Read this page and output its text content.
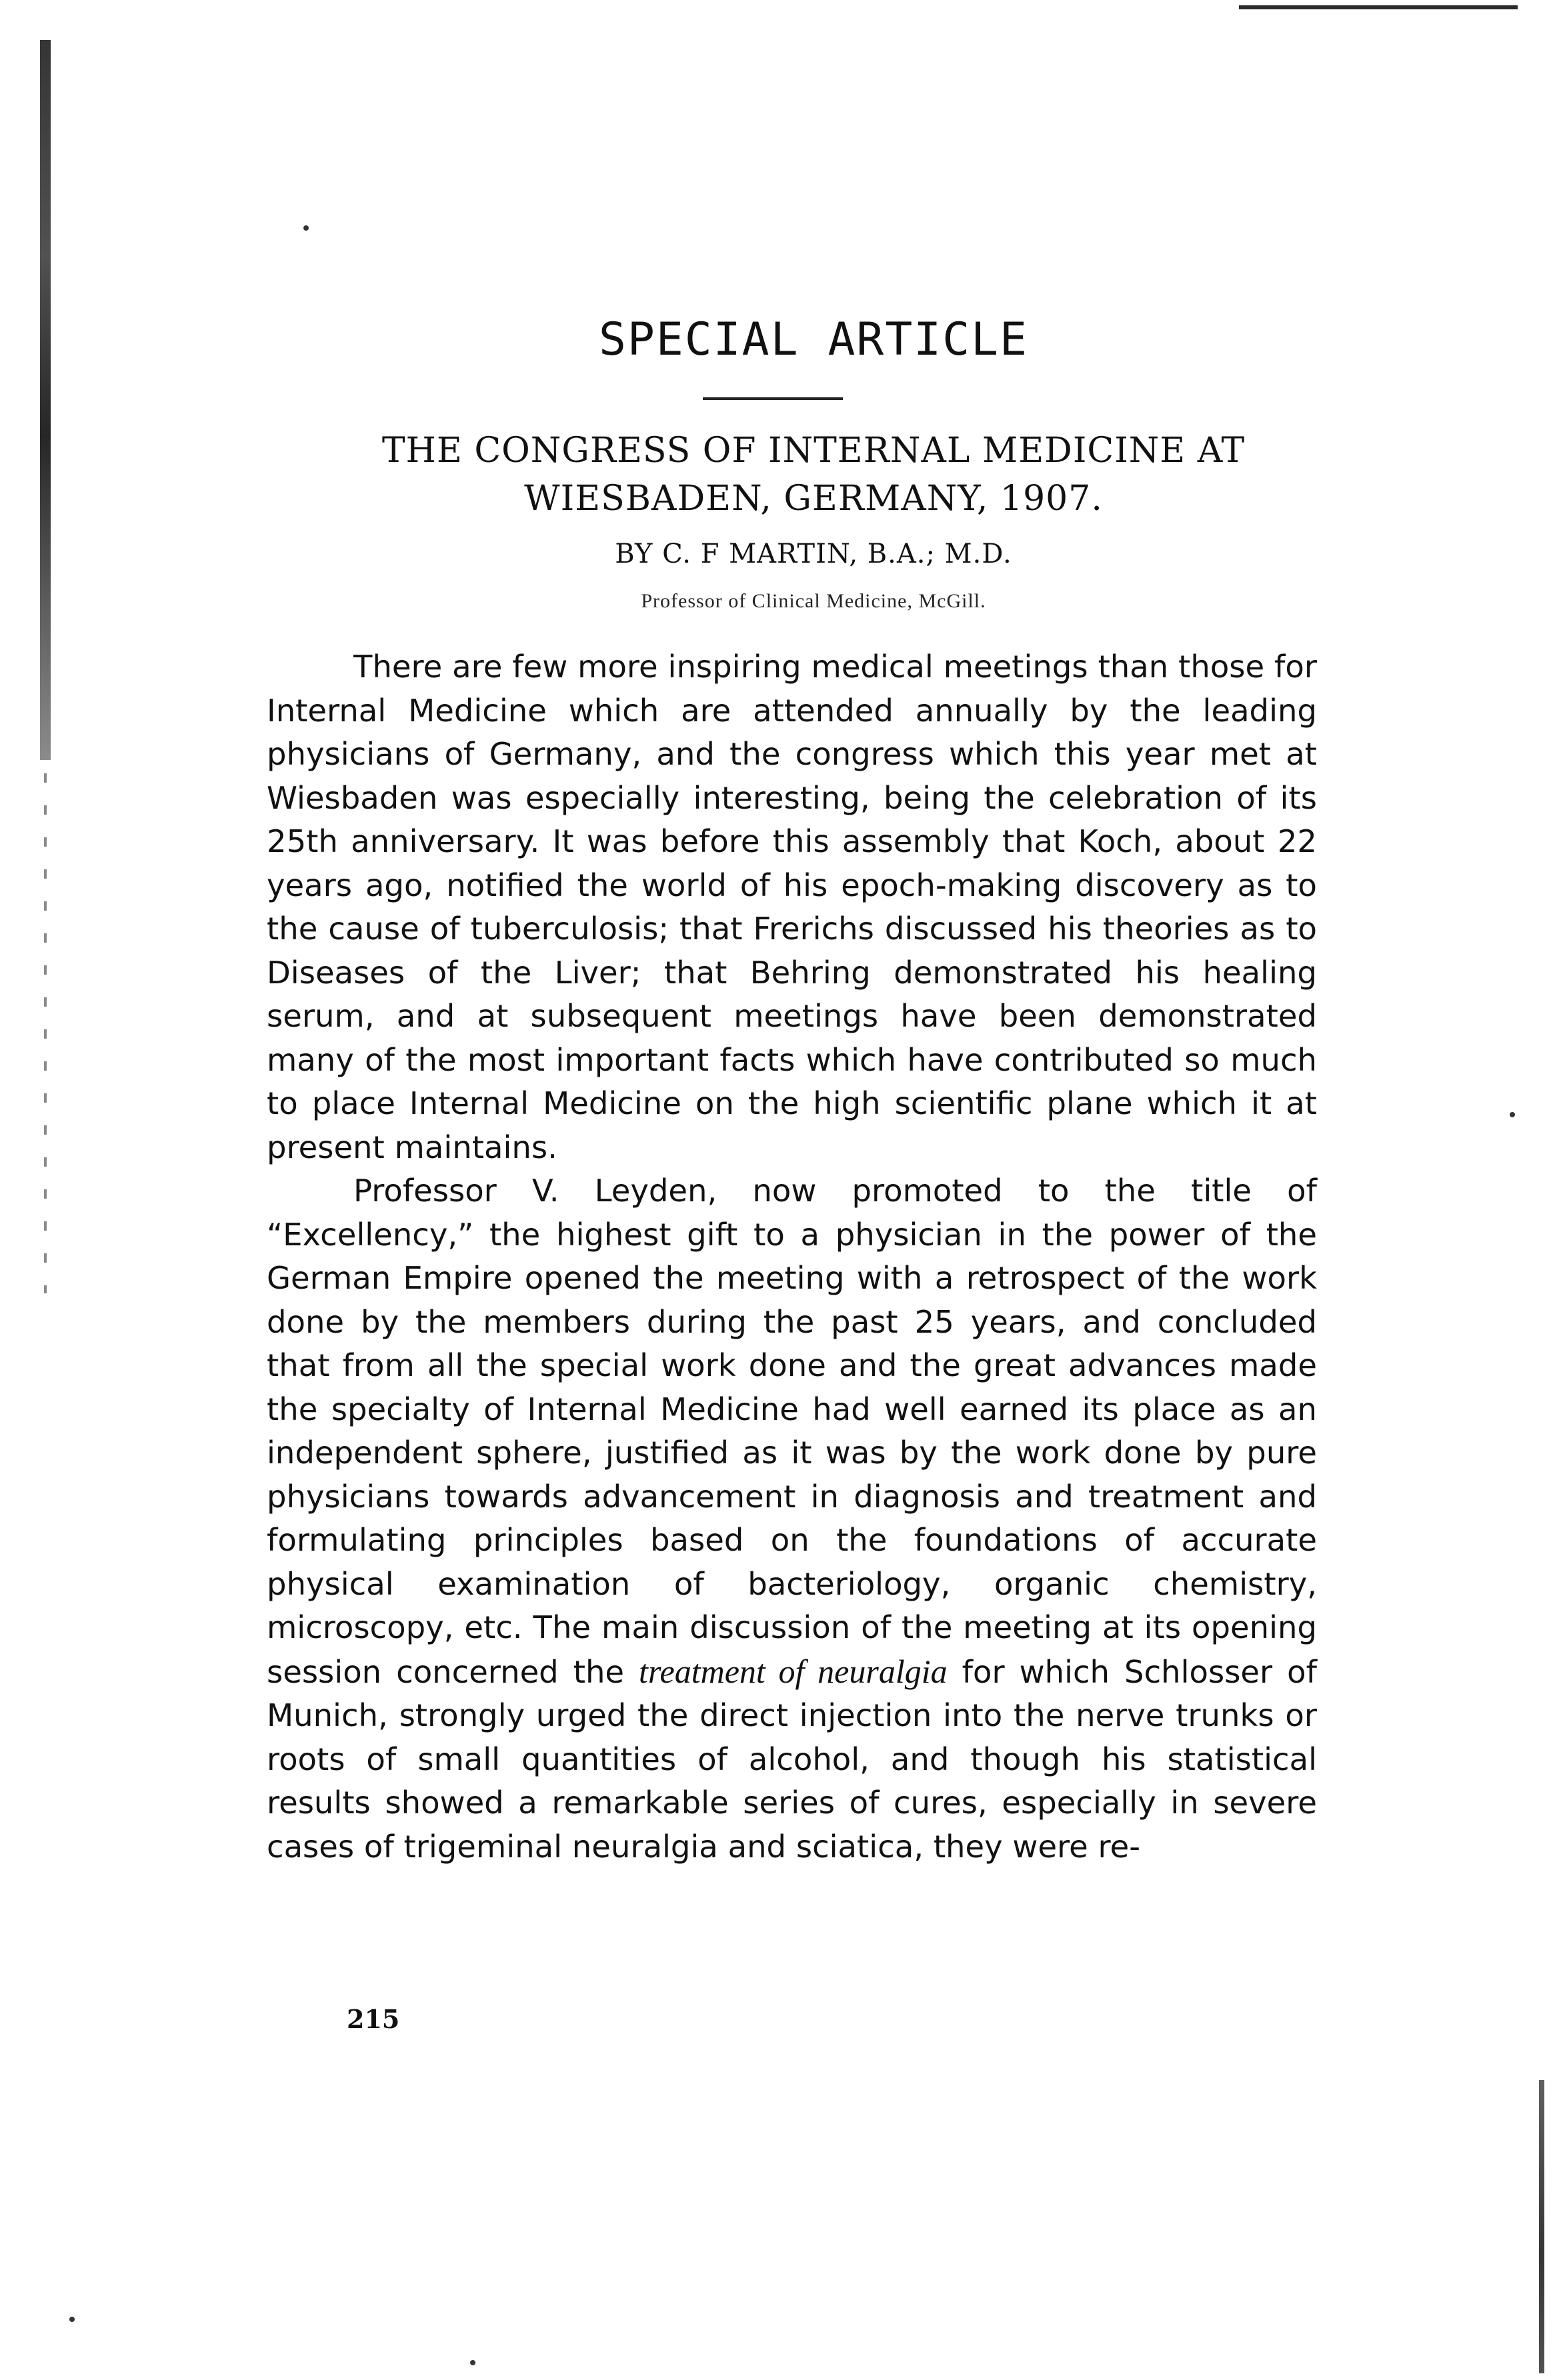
SPECIAL ARTICLE
THE CONGRESS OF INTERNAL MEDICINE AT
WIESBADEN, GERMANY, 1907.
BY C. F MARTIN, B.A.; M.D.
Professor of Clinical Medicine, McGill.

There are few more inspiring medical meetings than those for Internal Medicine which are attended annually by the leading physicians of Germany, and the congress which this year met at Wiesbaden was especially interesting, being the celebration of its 25th anniversary. It was before this assembly that Koch, about 22 years ago, notified the world of his epoch-making discovery as to the cause of tuberculosis; that Frerichs discussed his theories as to Diseases of the Liver; that Behring demonstrated his healing serum, and at subsequent meetings have been demonstrated many of the most important facts which have contributed so much to place Internal Medicine on the high scientific plane which it at present maintains.

Professor V. Leyden, now promoted to the title of “Excellency,” the highest gift to a physician in the power of the German Empire opened the meeting with a retrospect of the work done by the members during the past 25 years, and concluded that from all the special work done and the great advances made the specialty of Internal Medicine had well earned its place as an independent sphere, justified as it was by the work done by pure physicians towards advancement in diagnosis and treatment and formulating principles based on the foundations of accurate physical examination of bacteriology, organic chemistry, microscopy, etc. The main discussion of the meeting at its opening session concerned the treatment of neuralgia for which Schlosser of Munich, strongly urged the direct injection into the nerve trunks or roots of small quantities of alcohol, and though his statistical results showed a remarkable series of cures, especially in severe cases of trigeminal neuralgia and sciatica, they were re-

215
